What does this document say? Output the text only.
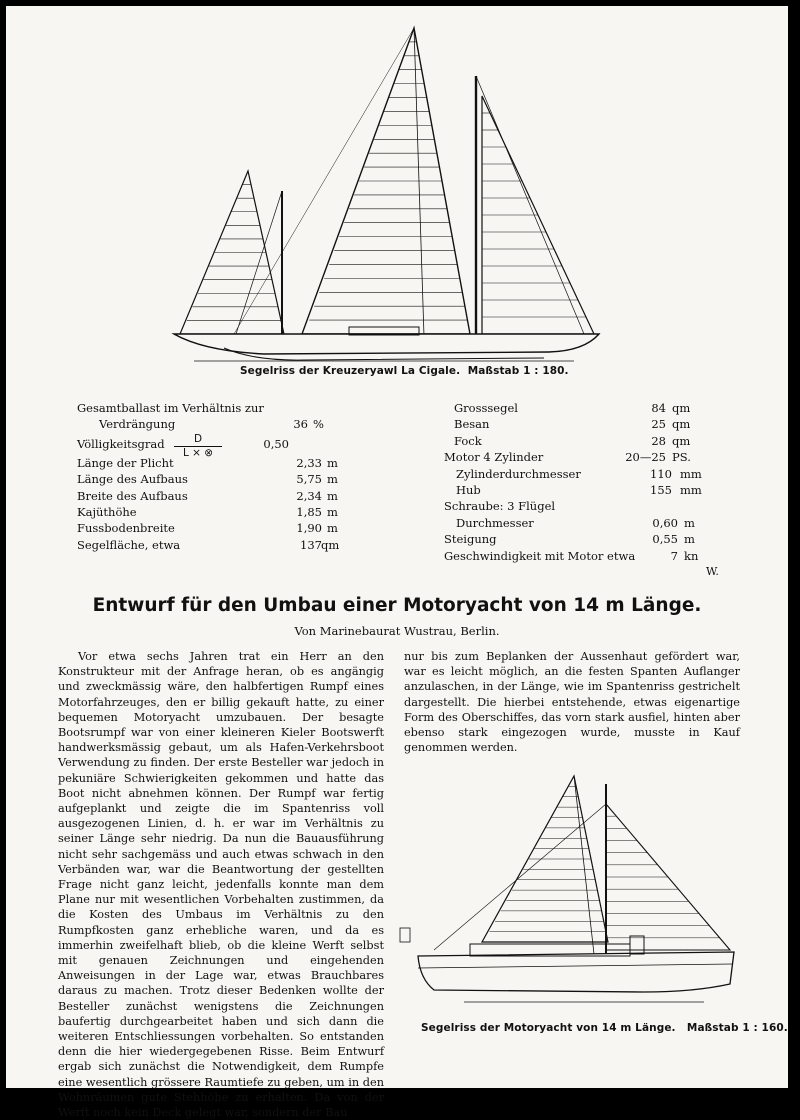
Segelriss der Kreuzeryawl La Cigale. Maßstab 1 : 180.
Gesamtballast im Verhältnis zur
Verdrängung	36 %
Völligkeitsgrad	0,50
Länge der Plicht	2,33 m
Länge des Aufbaus	5,75 m
Breite des Aufbaus	2,34 m
Kajüthöhe	1,85 m
Fussbodenbreite	1,90 m
Segelfläche, etwa	137 qm
$\frac{D}{L \times \otimes}$
Grosssegel	84 qm
Besan	25 qm
Fock	28 qm
Motor 4 Zylinder	20—25 PS.
Zylinderdurchmesser	110 mm
Hub	155 mm
Schraube: 3 Flügel
Durchmesser	0,60 m
Steigung	0,55 m
Geschwindigkeit mit Motor etwa	7 kn
W.
Entwurf für den Umbau einer Motoryacht von 14 m Länge.
Von Marinebaurat Wustrau, Berlin.

Vor etwa sechs Jahren trat ein Herr an den Konstrukteur mit der Anfrage heran, ob es angängig und zweckmässig wäre, den halbfertigen Rumpf eines Motorfahrzeuges, den er billig gekauft hatte, zu einer bequemen Motoryacht umzubauen. Der besagte Bootsrumpf war von einer kleineren Kieler Bootswerft handwerksmässig gebaut, um als Hafen-Verkehrsboot Verwendung zu finden. Der erste Besteller war jedoch in pekuniäre Schwierigkeiten gekommen und hatte das Boot nicht abnehmen können. Der Rumpf war fertig aufgeplankt und zeigte die im Spantenriss voll ausgezogenen Linien, d. h. er war im Verhältnis zu seiner Länge sehr niedrig. Da nun die Bauausführung nicht sehr sachgemäss und auch etwas schwach in den Verbänden war, war die Beantwortung der gestellten Frage nicht ganz leicht, jedenfalls konnte man dem Plane nur mit wesentlichen Vorbehalten zustimmen, da die Kosten des Umbaus im Verhältnis zu den Rumpfkosten ganz erhebliche waren, und da es immerhin zweifelhaft blieb, ob die kleine Werft selbst mit genauen Zeichnungen und eingehenden Anweisungen in der Lage war, etwas Brauchbares daraus zu machen. Trotz dieser Bedenken wollte der Besteller zunächst wenigstens die Zeichnungen baufertig durchgearbeitet haben und sich dann die weiteren Entschliessungen vorbehalten. So entstanden denn die hier wiedergegebenen Risse. Beim Entwurf ergab sich zunächst die Notwendigkeit, dem Rumpfe eine wesentlich grössere Raumtiefe zu geben, um in den Wohnräumen gute Stehhöhe zu erhalten. Da von der Werft noch kein Deck gelegt war, sondern der Bau

nur bis zum Beplanken der Aussenhaut gefördert war, war es leicht möglich, an die festen Spanten Auflanger anzulaschen, in der Länge, wie im Spantenriss gestrichelt dargestellt. Die hierbei entstehende, etwas eigenartige Form des Oberschiffes, das vorn stark ausfiel, hinten aber ebenso stark eingezogen wurde, musste in Kauf genommen werden.

Segelriss der Motoryacht von 14 m Länge. Maßstab 1 : 160.
